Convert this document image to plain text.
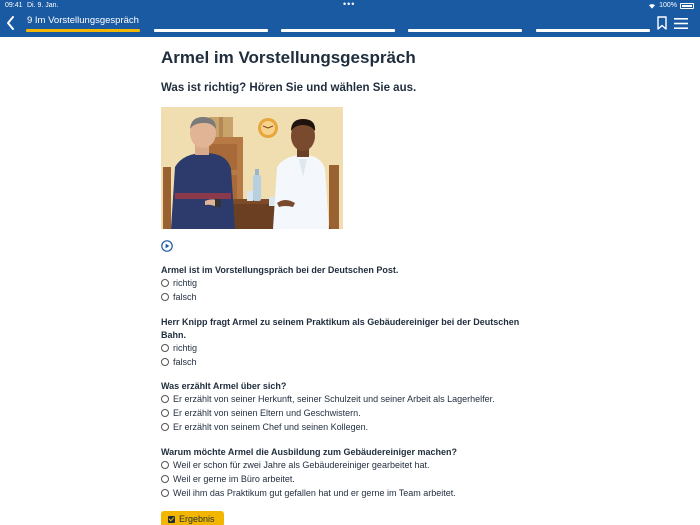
09:41 Di. 9. Jan.	•••	100%
9 Im Vorstellungsgespräch
Armel im Vorstellungsgespräch
Was ist richtig? Hören Sie und wählen Sie aus.
Armel ist im Vorstellungspräch bei der Deutschen Post.
richtig
falsch
Herr Knipp fragt Armel zu seinem Praktikum als Gebäudereiniger bei der Deutschen Bahn.
richtig
falsch
Was erzählt Armel über sich?
Er erzählt von seiner Herkunft, seiner Schulzeit und seiner Arbeit als Lagerhelfer.
Er erzählt von seinen Eltern und Geschwistern.
Er erzählt von seinem Chef und seinen Kollegen.
Warum möchte Armel die Ausbildung zum Gebäudereiniger machen?
Weil er schon für zwei Jahre als Gebäudereiniger gearbeitet hat.
Weil er gerne im Büro arbeitet.
Weil ihm das Praktikum gut gefallen hat und er gerne im Team arbeitet.
Ergebnis
